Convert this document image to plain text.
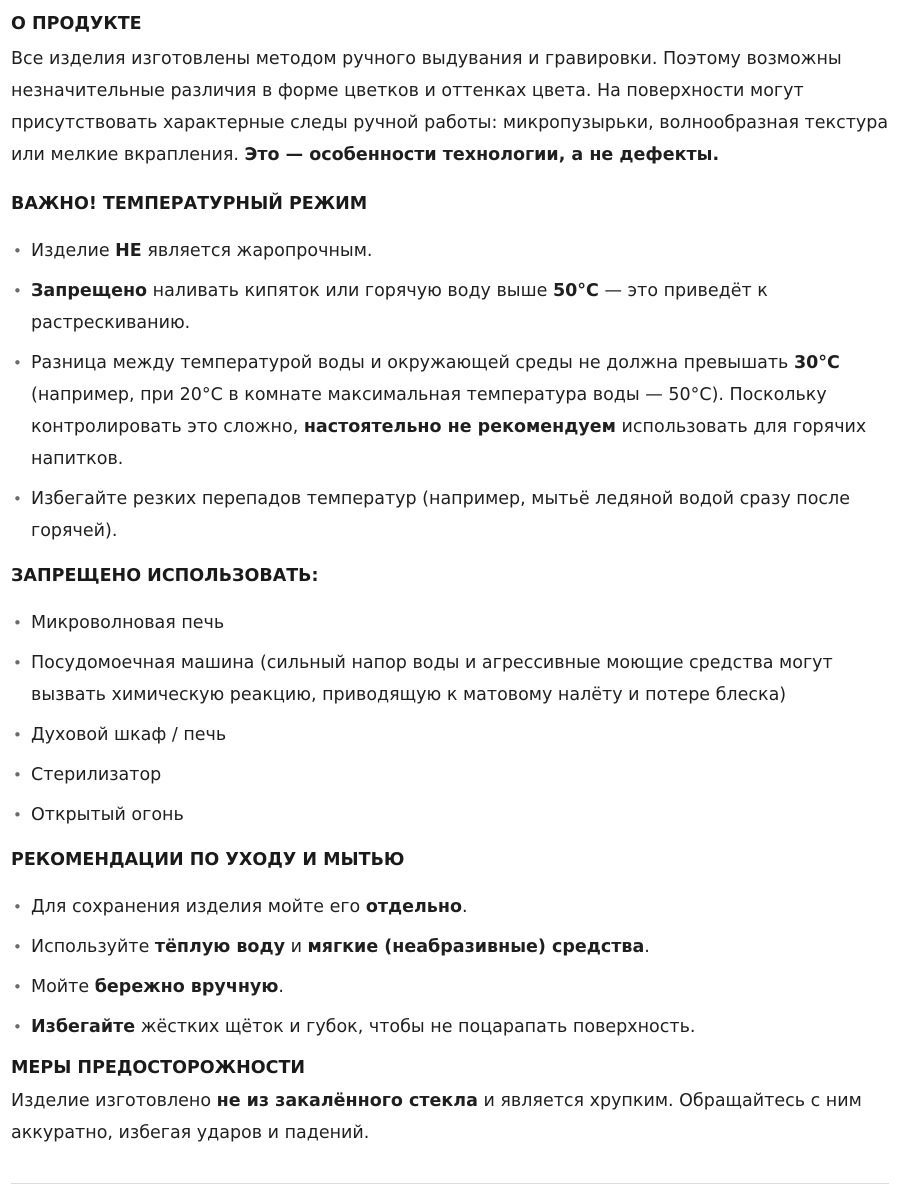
О ПРОДУКТЕ

Все изделия изготовлены методом ручного выдувания и гравировки. Поэтому возможны незначительные различия в форме цветков и оттенках цвета. На поверхности могут присутствовать характерные следы ручной работы: микропузырьки, волнообразная текстура или мелкие вкрапления. Это — особенности технологии, а не дефекты.

ВАЖНО! ТЕМПЕРАТУРНЫЙ РЕЖИМ
• Изделие НЕ является жаропрочным.
• Запрещено наливать кипяток или горячую воду выше 50°С — это приведёт к растрескиванию.
• Разница между температурой воды и окружающей среды не должна превышать 30°С (например, при 20°С в комнате максимальная температура воды — 50°С). Поскольку контролировать это сложно, настоятельно не рекомендуем использовать для горячих напитков.
• Избегайте резких перепадов температур (например, мытьё ледяной водой сразу после горячей).
ЗАПРЕЩЕНО ИСПОЛЬЗОВАТЬ:
• Микроволновая печь
• Посудомоечная машина (сильный напор воды и агрессивные моющие средства могут вызвать химическую реакцию, приводящую к матовому налёту и потере блеска)
• Духовой шкаф / печь
• Стерилизатор
• Открытый огонь
РЕКОМЕНДАЦИИ ПО УХОДУ И МЫТЬЮ
• Для сохранения изделия мойте его отдельно.
• Используйте тёплую воду и мягкие (неабразивные) средства.
• Мойте бережно вручную.
• Избегайте жёстких щёток и губок, чтобы не поцарапать поверхность.
МЕРЫ ПРЕДОСТОРОЖНОСТИ

Изделие изготовлено не из закалённого стекла и является хрупким. Обращайтесь с ним аккуратно, избегая ударов и падений.
